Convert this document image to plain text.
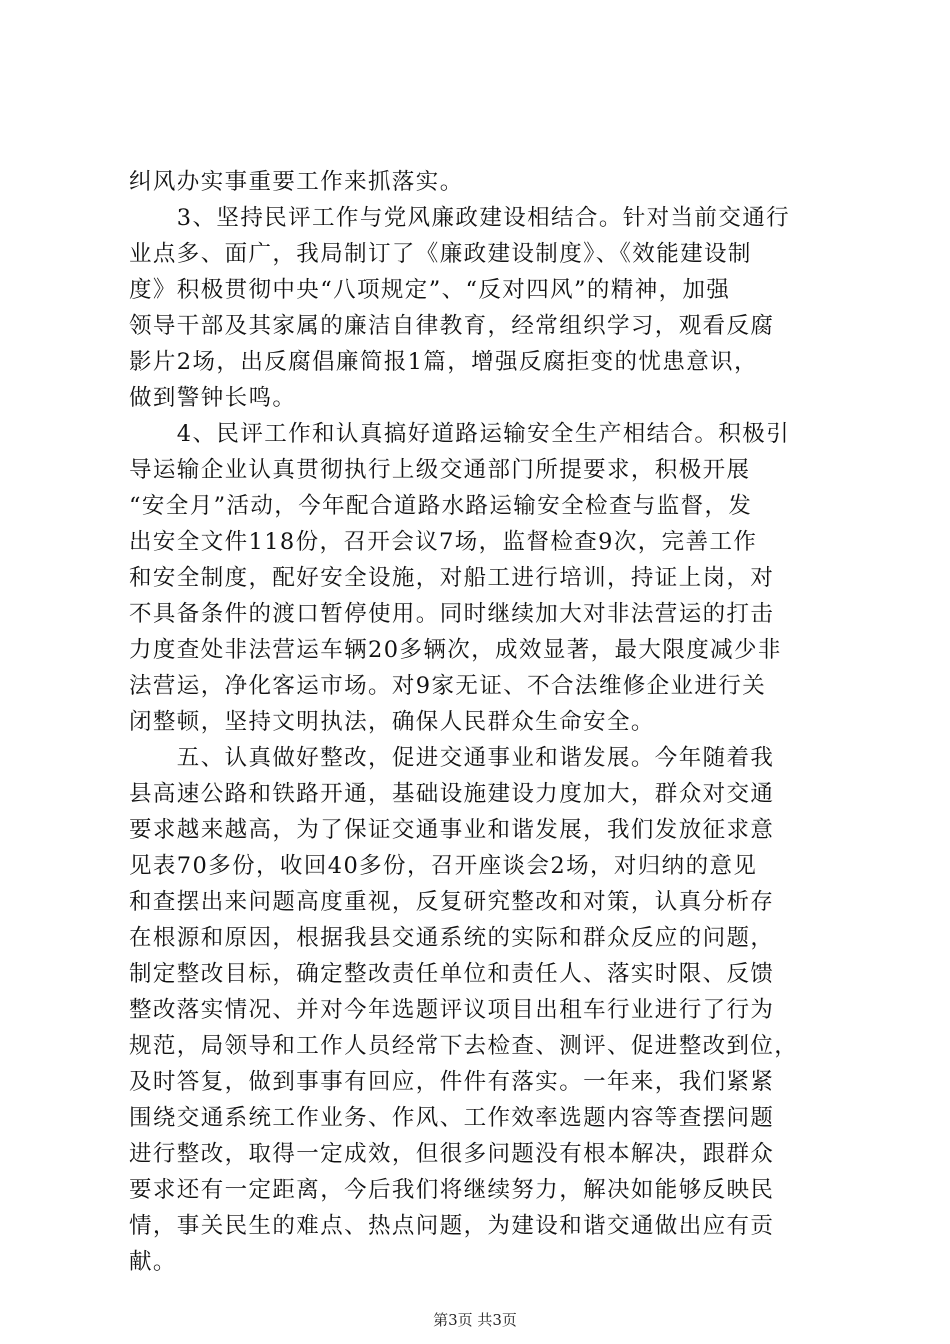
纠风办实事重要工作来抓落实。
　　3、坚持民评工作与党风廉政建设相结合。针对当前交通行
业点多、面广，我局制订了《廉政建设制度》、《效能建设制
度》积极贯彻中央“八项规定”、“反对四风”的精神，加强
领导干部及其家属的廉洁自律教育，经常组织学习，观看反腐
影片2场，出反腐倡廉简报1篇，增强反腐拒变的忧患意识，
做到警钟长鸣。
　　4、民评工作和认真搞好道路运输安全生产相结合。积极引
导运输企业认真贯彻执行上级交通部门所提要求，积极开展
“安全月”活动，今年配合道路水路运输安全检查与监督，发
出安全文件118份，召开会议7场，监督检查9次，完善工作
和安全制度，配好安全设施，对船工进行培训，持证上岗，对
不具备条件的渡口暂停使用。同时继续加大对非法营运的打击
力度查处非法营运车辆20多辆次，成效显著，最大限度减少非
法营运，净化客运市场。对9家无证、不合法维修企业进行关
闭整顿，坚持文明执法，确保人民群众生命安全。
　　五、认真做好整改，促进交通事业和谐发展。今年随着我
县高速公路和铁路开通，基础设施建设力度加大，群众对交通
要求越来越高，为了保证交通事业和谐发展，我们发放征求意
见表70多份，收回40多份，召开座谈会2场，对归纳的意见
和查摆出来问题高度重视，反复研究整改和对策，认真分析存
在根源和原因，根据我县交通系统的实际和群众反应的问题，
制定整改目标，确定整改责任单位和责任人、落实时限、反馈
整改落实情况、并对今年选题评议项目出租车行业进行了行为
规范，局领导和工作人员经常下去检查、测评、促进整改到位，
及时答复，做到事事有回应，件件有落实。一年来，我们紧紧
围绕交通系统工作业务、作风、工作效率选题内容等查摆问题
进行整改，取得一定成效，但很多问题没有根本解决，跟群众
要求还有一定距离，今后我们将继续努力，解决如能够反映民
情，事关民生的难点、热点问题，为建设和谐交通做出应有贡
献。
第3页 共3页
